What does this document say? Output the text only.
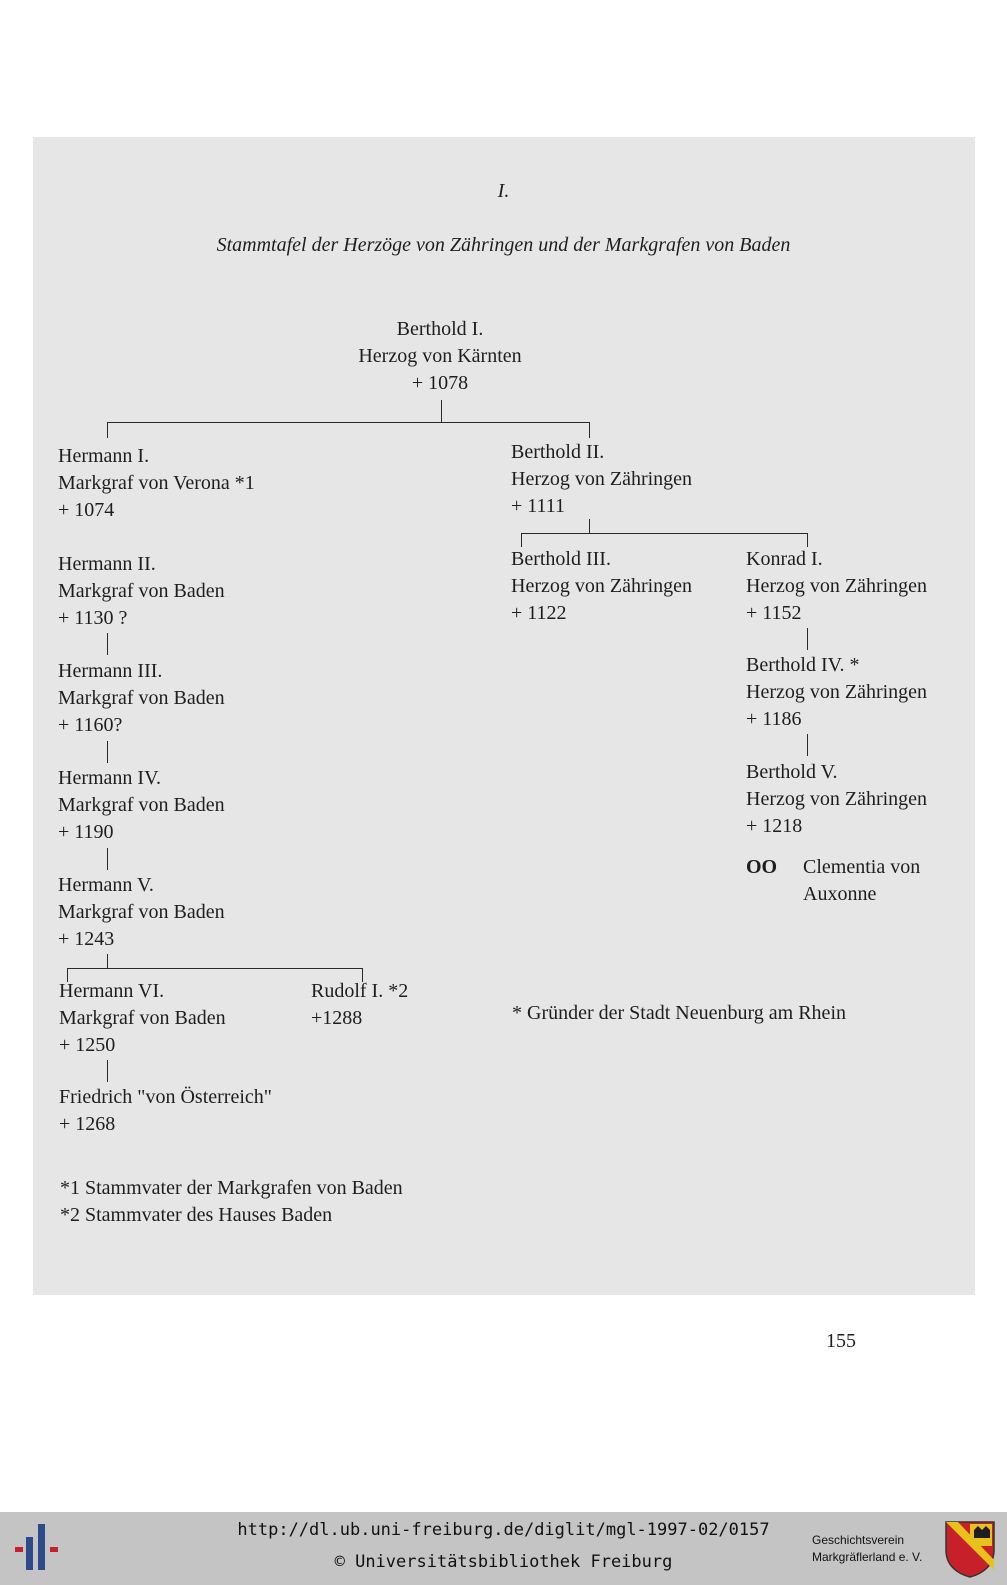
I.
Stammtafel der Herzöge von Zähringen und der Markgrafen von Baden
Berthold I.
Herzog von Kärnten
+ 1078
Hermann I.
Markgraf von Verona *1
+ 1074
Hermann II.
Markgraf von Baden
+ 1130 ?
Hermann III.
Markgraf von Baden
+ 1160?
Hermann IV.
Markgraf von Baden
+ 1190
Hermann V.
Markgraf von Baden
+ 1243
Hermann VI.
Markgraf von Baden
+ 1250
Rudolf I. *2
+1288
Friedrich "von Österreich"
+ 1268
*1 Stammvater der Markgrafen von Baden
*2 Stammvater des Hauses Baden
Berthold II.
Herzog von Zähringen
+ 1111
Berthold III.
Herzog von Zähringen
+ 1122
Konrad I.
Herzog von Zähringen
+ 1152
Berthold IV. *
Herzog von Zähringen
+ 1186
Berthold V.
Herzog von Zähringen
+ 1218
OO Clementia von
Auxonne
* Gründer der Stadt Neuenburg am Rhein
155
http://dl.ub.uni-freiburg.de/diglit/mgl-1997-02/0157
© Universitätsbibliothek Freiburg
Geschichtsverein
Markgräflerland e. V.
